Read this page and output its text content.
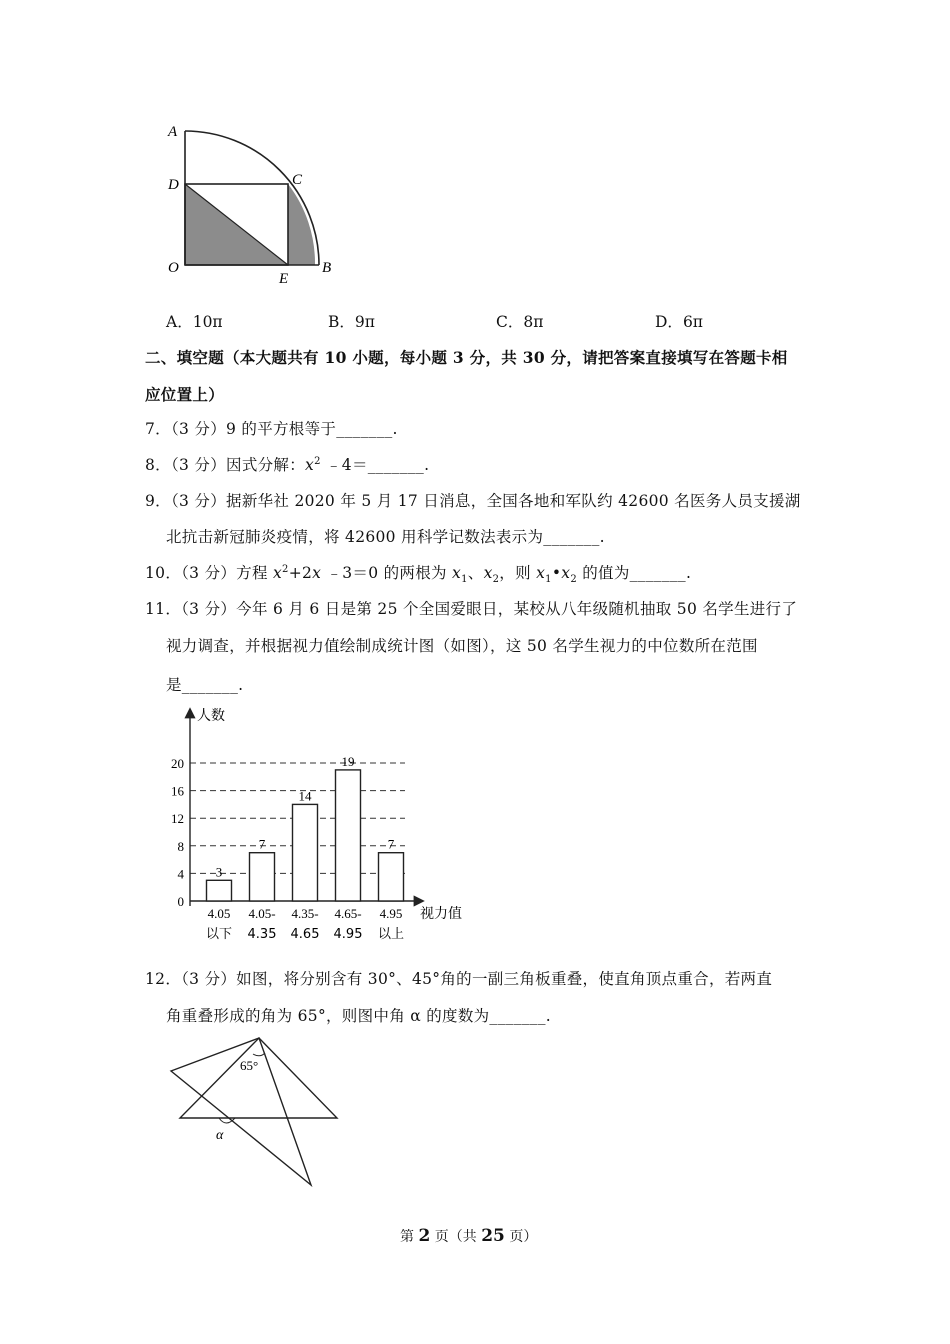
A
D	C
O
E
B
A．10π	B．9π	C．8π	D．6π
二、填空题（本大题共有 10 小题，每小题 3 分，共 30 分，请把答案直接填写在答题卡相
应位置上）
7．（3 分）9 的平方根等于_______.
8．（3 分）因式分解：$x^2$ ﹣4＝_______.
9．（3 分）据新华社 2020 年 5 月 17 日消息，全国各地和军队约 42600 名医务人员支援湖
北抗击新冠肺炎疫情，将 42600 用科学记数法表示为_______.
10．（3 分）方程 $x^2+2x$ ﹣3＝0 的两根为 $x_1$、$x_2$，则 $x_1•x_2$ 的值为_______.
11．（3 分）今年 6 月 6 日是第 25 个全国爱眼日，某校从八年级随机抽取 50 名学生进行了
视力调查，并根据视力值绘制成统计图（如图），这 50 名学生视力的中位数所在范围
是_______.
0
4
8
12
16
20
3
4.05
以下
7
4.05-
4.35
14
4.35-
4.65
19
4.65-
4.95
7
4.95
以上
人数
视力值
12．（3 分）如图，将分别含有 30°、45°角的一副三角板重叠，使直角顶点重合，若两直
角重叠形成的角为 65°，则图中角 α 的度数为_______.
65°
α
第 2 页（共 25 页）
